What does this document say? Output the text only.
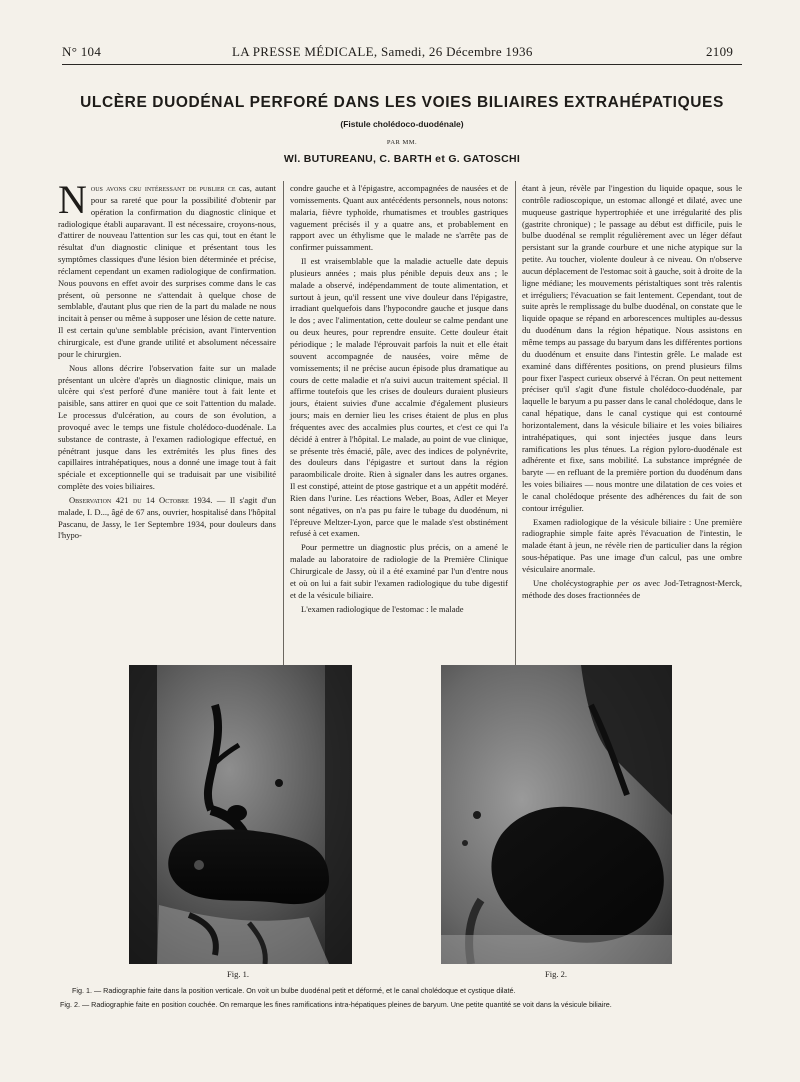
N° 104	LA PRESSE MÉDICALE, Samedi, 26 Décembre 1936	2109
ULCÈRE DUODÉNAL PERFORÉ DANS LES VOIES BILIAIRES EXTRAHÉPATIQUES
(Fistule cholédoco-duodénale)
PAR MM.
Wl. BUTUREANU, C. BARTH et G. GATOSCHI

Nous avons cru intéressant de publier ce cas, autant pour sa rareté que pour la possibilité d'obtenir par opération la confirmation du diagnostic clinique et radiologique établi auparavant. Il est nécessaire, croyons-nous, d'attirer de nouveau l'attention sur les cas qui, tout en étant le résultat d'un diagnostic clinique et présentant tous les symptômes classiques d'une lésion bien déterminée et précise, réclament cependant un examen radiologique de confirmation. Nous pouvons en effet avoir des surprises comme dans le cas présent, où personne ne s'attendait à quelque chose de semblable, d'autant plus que rien de la part du malade ne nous incitait à penser ou même à supposer une lésion de cette nature. Il est certain qu'une semblable précision, avant l'intervention chirurgicale, est d'une grande utilité et absolument nécessaire pour le chirurgien.

Nous allons décrire l'observation faite sur un malade présentant un ulcère d'après un diagnostic clinique, mais un ulcère qui s'est perforé d'une manière tout à fait lente et paisible, sans attirer en quoi que ce soit l'attention du malade. Le processus d'ulcération, au cours de son évolution, a provoqué avec le temps une fistule cholédoco-duodénale. La substance de contraste, à l'examen radiologique effectué, en pénétrant jusque dans les extrémités les plus fines des capillaires intrahépatiques, nous a donné une image tout à fait spéciale et exceptionnelle qui se traduisait par une visibilité complète des voies biliaires.

Observation 421 du 14 Octobre 1934. — Il s'agit d'un malade, I. D..., âgé de 67 ans, ouvrier, hospitalisé dans l'hôpital Pascanu, de Jassy, le 1er Septembre 1934, pour douleurs dans l'hypo-

condre gauche et à l'épigastre, accompagnées de nausées et de vomissements. Quant aux antécédents personnels, nous notons: malaria, fièvre typhoïde, rhumatismes et troubles gastriques vaguement précisés il y a quatre ans, et probablement en rapport avec un éthylisme que le malade ne s'arrête pas de confirmer puissamment.

Il est vraisemblable que la maladie actuelle date depuis plusieurs années ; mais plus pénible depuis deux ans ; le malade a observé, indépendamment de toute alimentation, et surtout à jeun, qu'il ressent une vive douleur dans l'épigastre, irradiant quelquefois dans l'hypocondre gauche et jusque dans le dos ; avec l'alimentation, cette douleur se calme pendant une ou deux heures, pour reprendre ensuite. Cette douleur était périodique ; le malade l'éprouvait parfois la nuit et elle était souvent accompagnée de nausées, voire même de vomissements; il ne précise aucun épisode plus dramatique au cours de cette maladie et n'a suivi aucun traitement spécial. Il affirme toutefois que les crises de douleurs duraient plusieurs jours, étaient suivies d'une accalmie d'également plusieurs jours; mais en dernier lieu les crises étaient de plus en plus fréquentes avec des accalmies plus courtes, et c'est ce qui l'a décidé à entrer à l'hôpital. Le malade, au point de vue clinique, se présente très émacié, pâle, avec des indices de polynévrite, des douleurs dans l'épigastre et surtout dans la région paraombilicale droite. Rien à signaler dans les autres organes. Il est constipé, atteint de ptose gastrique et a un appétit modéré. Rien dans l'urine. Les réactions Weber, Boas, Adler et Meyer sont négatives, on n'a pas pu faire le tubage du duodénum, ni l'épreuve Meltzer-Lyon, parce que le malade s'est obstinément refusé à cet examen.

Pour permettre un diagnostic plus précis, on a amené le malade au laboratoire de radiologie de la Première Clinique Chirurgicale de Jassy, où il a été examiné par l'un d'entre nous et où on lui a fait subir l'examen radiologique du tube digestif et de la vésicule biliaire.

L'examen radiologique de l'estomac : le malade

étant à jeun, révèle par l'ingestion du liquide opaque, sous le contrôle radioscopique, un estomac allongé et dilaté, avec une muqueuse gastrique hypertrophiée et une irrégularité des plis (gastrite chronique) ; le passage au début est difficile, puis le bulbe duodénal se remplit régulièrement avec un léger défaut persistant sur la grande courbure et une niche atypique sur la petite. Au toucher, violente douleur à ce niveau. On n'observe aucun déplacement de l'estomac soit à gauche, soit à droite de la ligne médiane; les mouvements péristaltiques sont très ralentis et irréguliers; l'évacuation se fait lentement. Cependant, tout de suite après le remplissage du bulbe duodénal, on constate que le liquide opaque se répand en arborescences multiples au-dessus du duodénum dans la région hépatique. Nous assistons en même temps au passage du baryum dans les différentes portions du duodénum et ensuite dans l'intestin grêle. Le malade est examiné dans différentes positions, on prend plusieurs films pour fixer l'aspect curieux observé à l'écran. On peut nettement préciser qu'il s'agit d'une fistule cholédoco-duodénale, par laquelle le baryum a pu passer dans le canal cholédoque, dans le canal hépatique, dans le canal cystique qui est contourné horizontalement, dans la vésicule biliaire et les voies biliaires intrahépatiques, qui sont injectées jusque dans leurs ramifications les plus ténues. La région pyloro-duodénale est adhérente et fixe, sans mobilité. La substance imprégnée de baryte — en refluant de la première portion du duodénum dans les voies biliaires — nous montre une dilatation de ces voies et le canal cholédoque présente des adhérences du fait de son contour irrégulier.

Examen radiologique de la vésicule biliaire : Une première radiographie simple faite après l'évacuation de l'intestin, le malade étant à jeun, ne révèle rien de particulier dans la région sous-hépatique. Pas une image d'un calcul, pas une ombre vésiculaire anormale.

Une cholécystographie per os avec Jod-Tetragnost-Merck, méthode des doses fractionnées de

Fig. 1.	Fig. 2.
Fig. 1. — Radiographie faite dans la position verticale. On voit un bulbe duodénal petit et déformé, et le canal cholédoque et cystique dilaté.
Fig. 2. — Radiographie faite en position couchée. On remarque les fines ramifications intra-hépatiques pleines de baryum. Une petite quantité se voit dans la vésicule biliaire.
